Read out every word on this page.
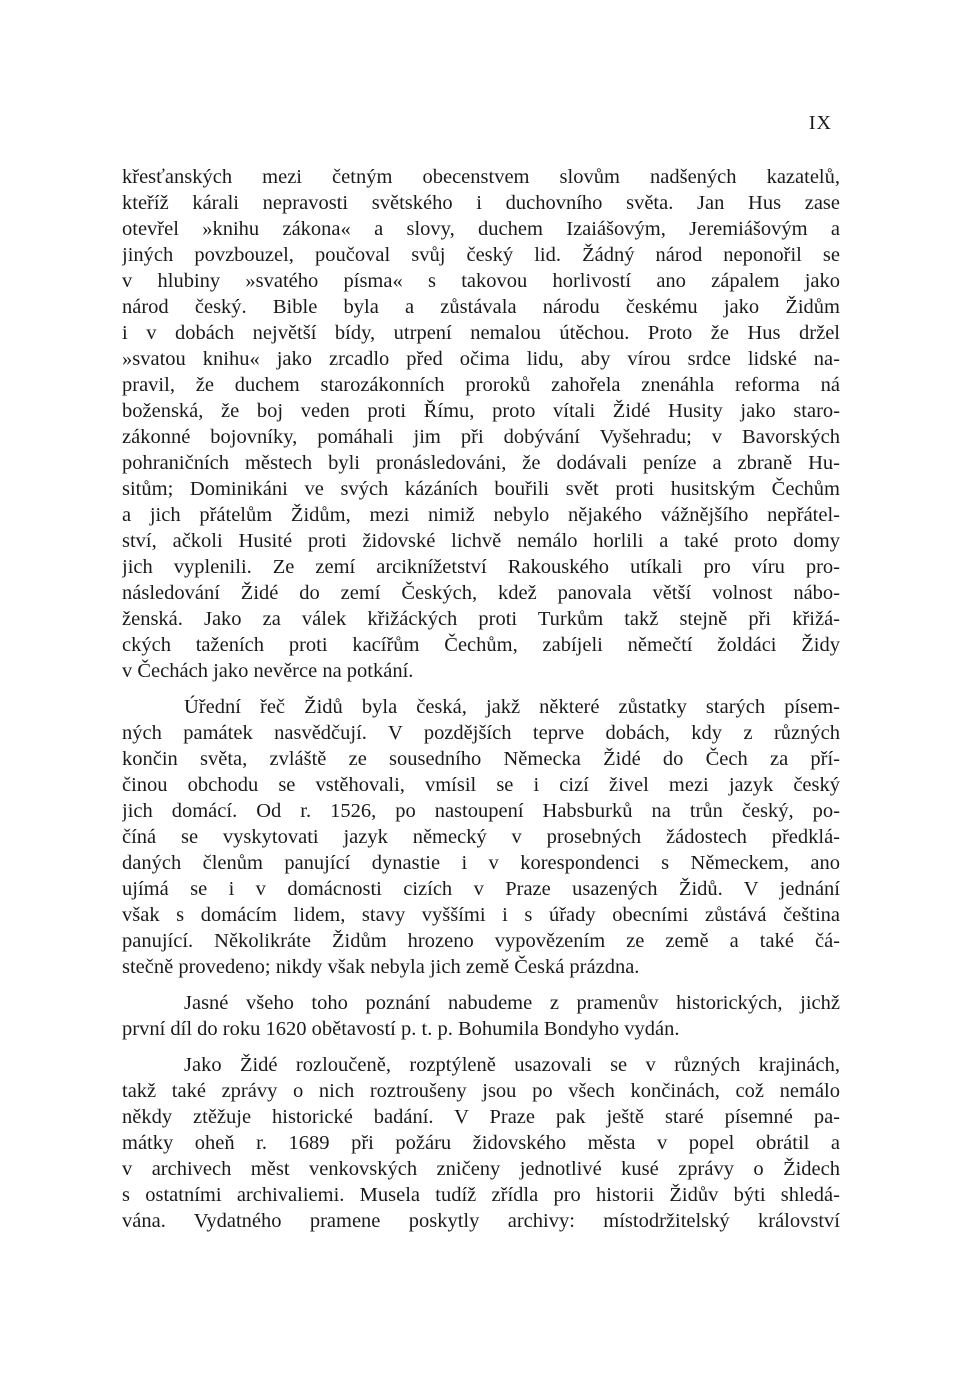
IX
křesťanských mezi četným obecenstvem slovům nadšených kazatelů,
kteříž kárali nepravosti světského i duchovního světa. Jan Hus zase
otevřel »knihu zákona« a slovy, duchem Izaiášovým, Jeremiášovým a
jiných povzbouzel, poučoval svůj český lid. Žádný národ neponořil se
v hlubiny »svatého písma« s takovou horlivostí ano zápalem jako
národ český. Bible byla a zůstávala národu českému jako Židům
i v dobách největší bídy, utrpení nemalou útěchou. Proto že Hus držel
»svatou knihu« jako zrcadlo před očima lidu, aby vírou srdce lidské na-
pravil, že duchem starozákonních proroků zahořela znenáhla reforma ná
boženská, že boj veden proti Římu, proto vítali Židé Husity jako staro-
zákonné bojovníky, pomáhali jim při dobývání Vyšehradu; v Bavorských
pohraničních městech byli pronásledováni, že dodávali peníze a zbraně Hu-
sitům; Dominikáni ve svých kázáních bouřili svět proti husitským Čechům
a jich přátelům Židům, mezi nimiž nebylo nějakého vážnějšího nepřátel-
ství, ačkoli Husité proti židovské lichvě nemálo horlili a také proto domy
jich vyplenili. Ze zemí arciknížetství Rakouského utíkali pro víru pro-
následování Židé do zemí Českých, kdež panovala větší volnost nábo-
ženská. Jako za válek křižáckých proti Turkům takž stejně při křižá-
ckých taženích proti kacířům Čechům, zabíjeli němečtí žoldáci Židy
v Čechách jako nevěrce na potkání.
Úřední řeč Židů byla česká, jakž některé zůstatky starých písem-
ných památek nasvědčují. V pozdějších teprve dobách, kdy z různých
končin světa, zvláště ze sousedního Německa Židé do Čech za pří-
činou obchodu se vstěhovali, vmísil se i cizí živel mezi jazyk český
jich domácí. Od r. 1526, po nastoupení Habsburků na trůn český, po-
číná se vyskytovati jazyk německý v prosebných žádostech předklá-
daných členům panující dynastie i v korespondenci s Německem, ano
ujímá se i v domácnosti cizích v Praze usazených Židů. V jednání
však s domácím lidem, stavy vyššími i s úřady obecními zůstává čeština
panující. Několikráte Židům hrozeno vypovězením ze země a také čá-
stečně provedeno; nikdy však nebyla jich země Česká prázdna.
Jasné všeho toho poznání nabudeme z pramenův historických, jichž
první díl do roku 1620 obětavostí p. t. p. Bohumila Bondyho vydán.
Jako Židé rozloučeně, rozptýleně usazovali se v různých krajinách,
takž také zprávy o nich roztroušeny jsou po všech končinách, což nemálo
někdy ztěžuje historické badání. V Praze pak ještě staré písemné pa-
mátky oheň r. 1689 při požáru židovského města v popel obrátil a
v archivech měst venkovských zničeny jednotlivé kusé zprávy o Židech
s ostatními archivaliemi. Musela tudíž zřídla pro historii Židův býti shledá-
vána. Vydatného pramene poskytly archivy: místodržitelský království
